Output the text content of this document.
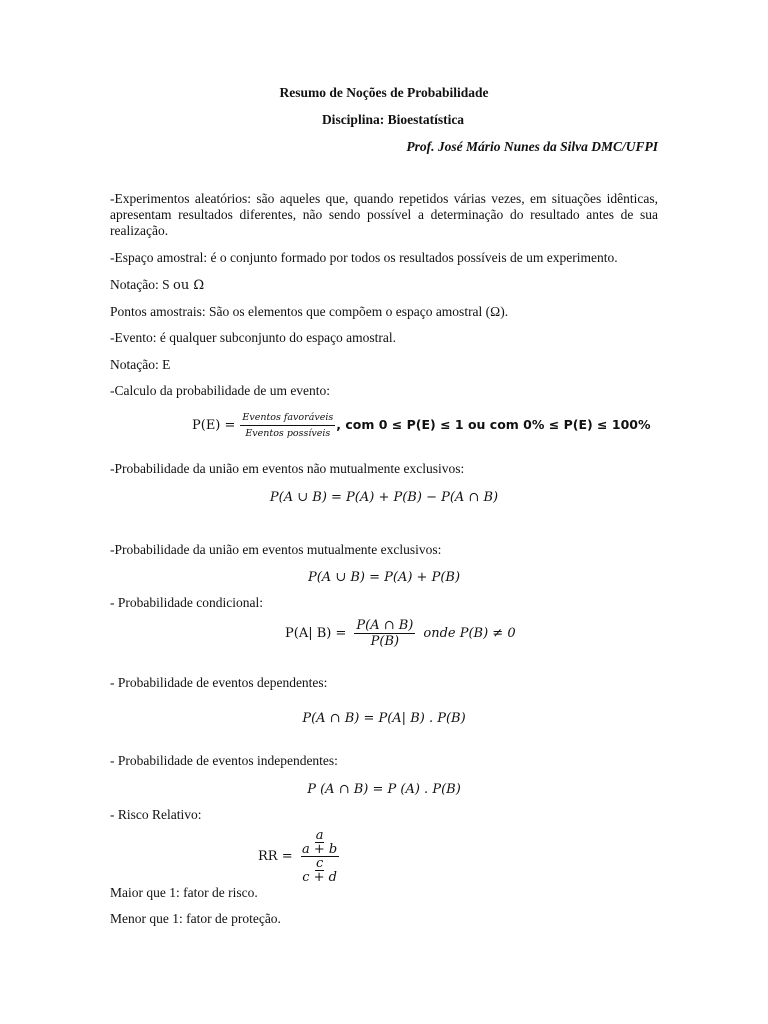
Resumo de Noções de Probabilidade
Disciplina: Bioestatística
Prof. José Mário Nunes da Silva DMC/UFPI
-Experimentos aleatórios: são aqueles que, quando repetidos várias vezes, em situações idênticas, apresentam resultados diferentes, não sendo possível a determinação do resultado antes de sua realização.
-Espaço amostral: é o conjunto formado por todos os resultados possíveis de um experimento.
Notação: S ou Ω
Pontos amostrais: São os elementos que compõem o espaço amostral (Ω).
-Evento: é qualquer subconjunto do espaço amostral.
Notação: E
-Calculo da probabilidade de um evento:
$P(E) = \frac{\text{Eventos favoráveis}}{\text{Eventos possíveis}}$ , com 0 ≤ P(E) ≤ 1 ou com 0% ≤ P(E) ≤ 100%
-Probabilidade da união em eventos não mutualmente exclusivos:
P(A ∪ B) = P(A) + P(B) − P(A ∩ B)
-Probabilidade da união em eventos mutualmente exclusivos:
P(A ∪ B) = P(A) + P(B)
- Probabilidade condicional:
P(A| $B) = \frac{P(A \cap B)}{P(B)}$ onde P(B) ≠ 0
- Probabilidade de eventos dependentes:
P(A ∩ B) = P(A| B) . P(B)
- Probabilidade de eventos independentes:
P (A ∩ B) = P (A) . P(B)
- Risco Relativo:
RR =
a
a + b
c
c + d
Maior que 1: fator de risco.
Menor que 1: fator de proteção.
